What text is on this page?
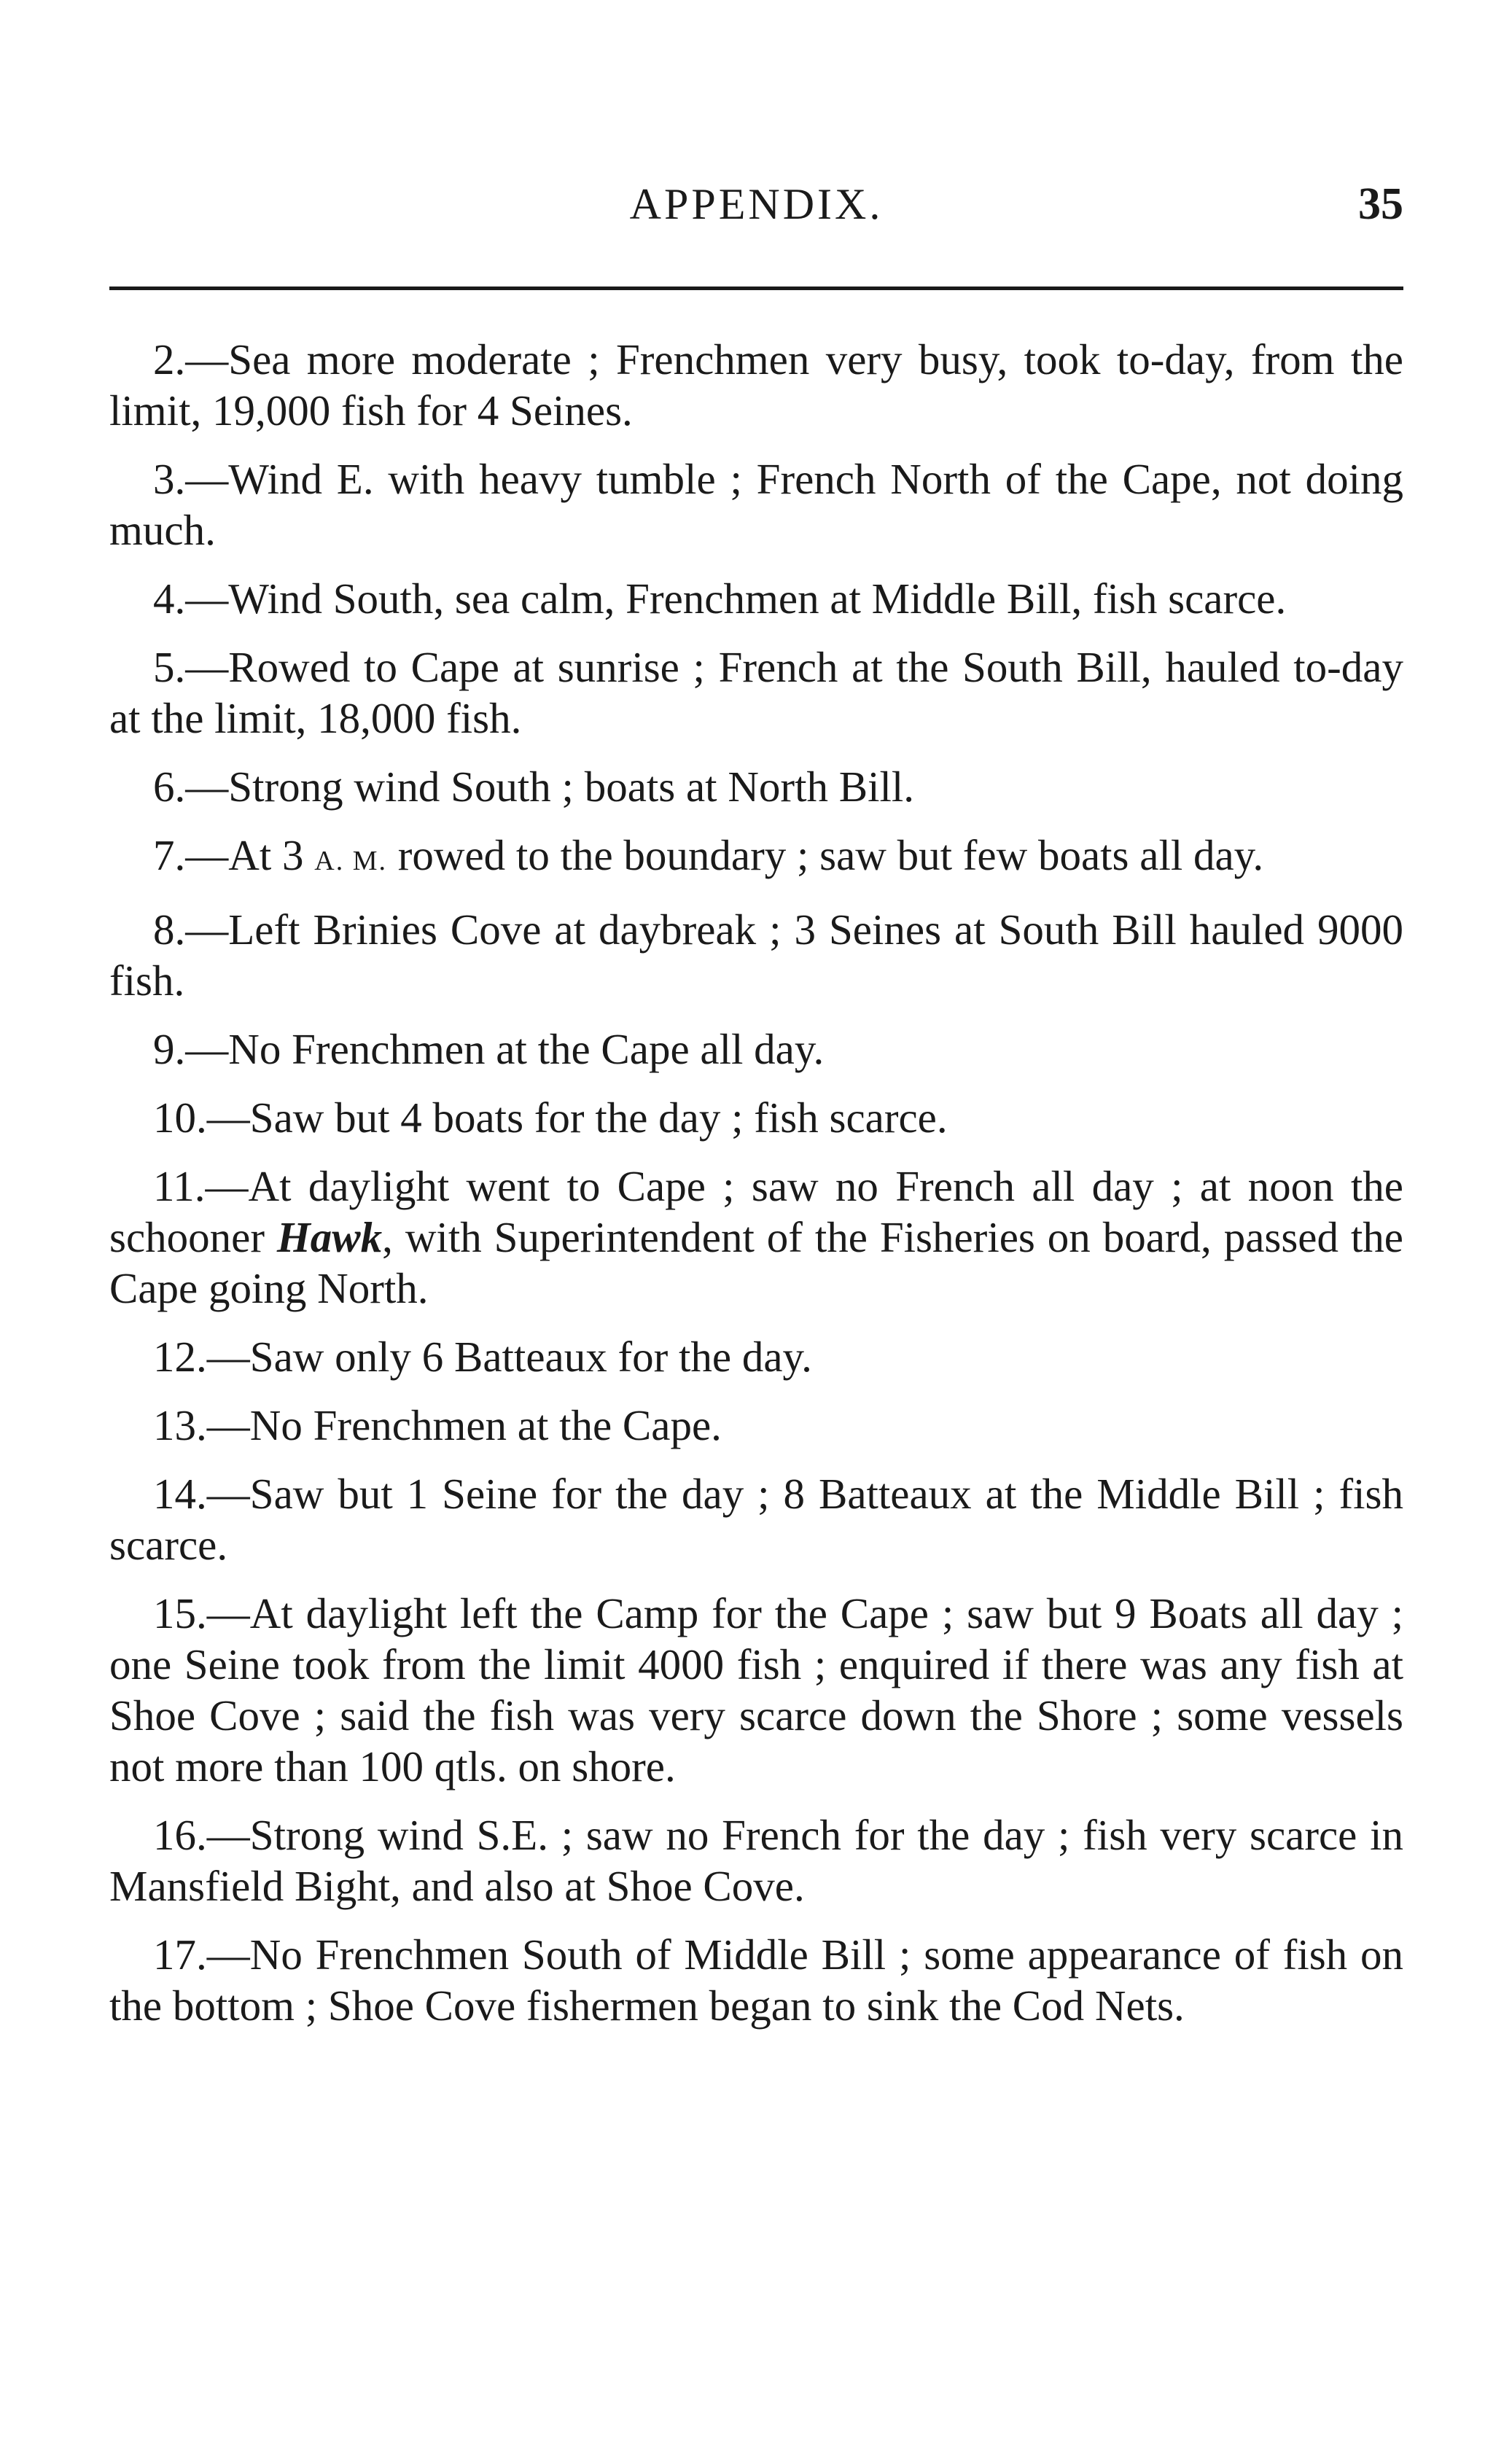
APPENDIX.	35

2.—Sea more moderate ; Frenchmen very busy, took to-day, from the limit, 19,000 fish for 4 Seines.

3.—Wind E. with heavy tumble ; French North of the Cape, not doing much.

4.—Wind South, sea calm, Frenchmen at Middle Bill, fish scarce.

5.—Rowed to Cape at sunrise ; French at the South Bill, hauled to-day at the limit, 18,000 fish.

6.—Strong wind South ; boats at North Bill.

7.—At 3 A. M. rowed to the boundary ; saw but few boats all day.

8.—Left Brinies Cove at daybreak ; 3 Seines at South Bill hauled 9000 fish.

9.—No Frenchmen at the Cape all day.

10.—Saw but 4 boats for the day ; fish scarce.

11.—At daylight went to Cape ; saw no French all day ; at noon the schooner Hawk, with Superintendent of the Fisheries on board, passed the Cape going North.

12.—Saw only 6 Batteaux for the day.

13.—No Frenchmen at the Cape.

14.—Saw but 1 Seine for the day ; 8 Batteaux at the Middle Bill ; fish scarce.

15.—At daylight left the Camp for the Cape ; saw but 9 Boats all day ; one Seine took from the limit 4000 fish ; enquired if there was any fish at Shoe Cove ; said the fish was very scarce down the Shore ; some vessels not more than 100 qtls. on shore.

16.—Strong wind S.E. ; saw no French for the day ; fish very scarce in Mansfield Bight, and also at Shoe Cove.

17.—No Frenchmen South of Middle Bill ; some appearance of fish on the bottom ; Shoe Cove fishermen began to sink the Cod Nets.
